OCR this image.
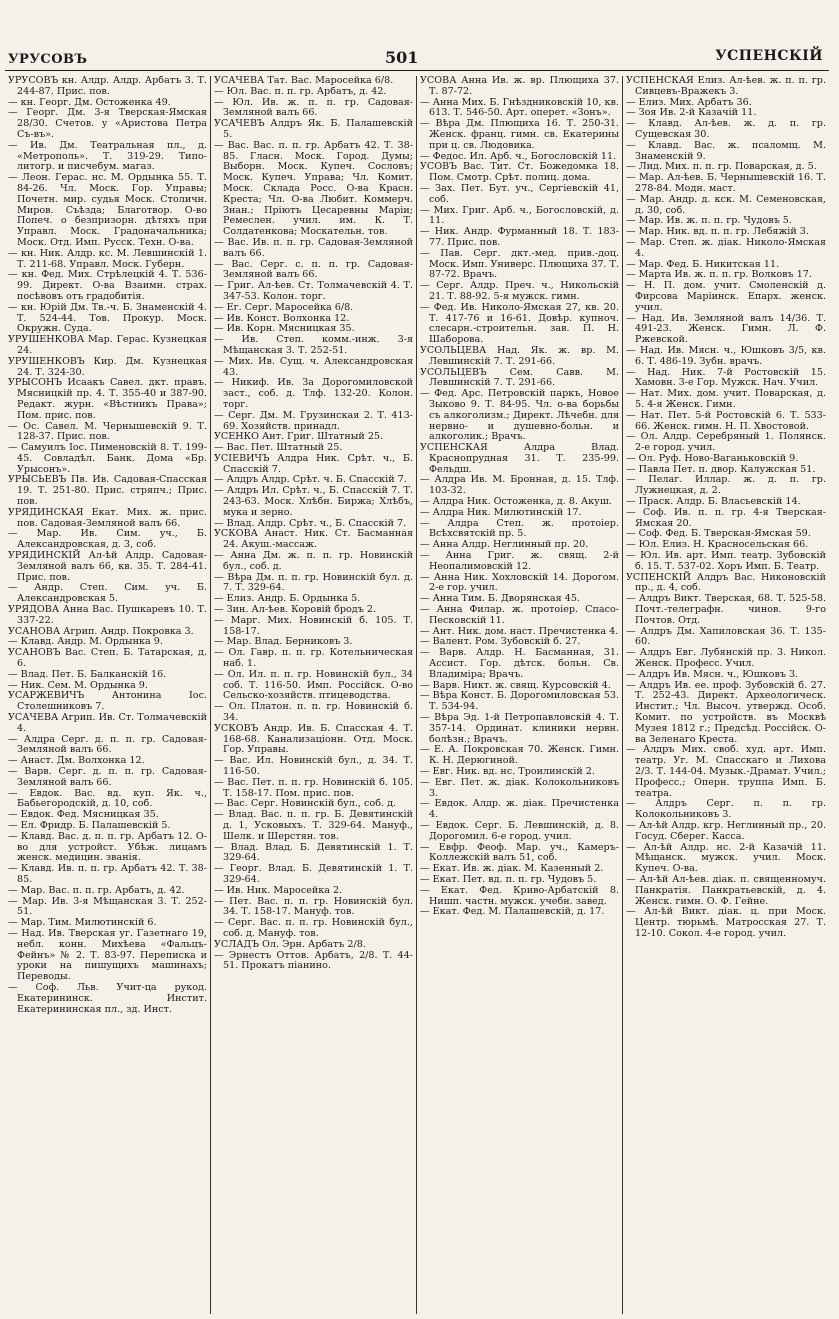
УРУСОВЪ	501	УСПЕНСКІЙ

УРУСОВЪ кн. Алдр. Алдр. Арбатъ 3. Т. 244-87. Прис. пов.

— кн. Георг. Дм. Остоженка 49.

— Георг. Дм. 3-я Тверская-Ямская 28/30. Счетов. у «Аристова Петра Съ-въ».

— Ив. Дм. Театральная пл., д. «Метрополь». Т. 319-29. Типо-литогр. и писчебум. магаз.

— Леон. Герас. нс. М. Ордынка 55. Т. 84-26. Чл. Моск. Гор. Управы; Почетн. мир. судья Моск. Столичн. Миров. Съѣзда; Благотвор. О-во Попеч. о безпризорн. дѣтяхъ при Управл. Моск. Градоначальника; Моск. Отд. Имп. Русск. Техн. О-ва.

— кн. Ник. Алдр. кс. М. Левшинскій 1. Т. 211-68. Управл. Моск. Губерн.

— кн. Фед. Мих. Стрѣлецкій 4. Т. 536-99. Директ. О-ва Взаимн. страх. посѣвовъ отъ градобитія.

— кн. Юрій Дм. Тв.-ч. Б. Знаменскій 4. Т. 524-44. Тов. Прокур. Моск. Окружн. Суда.

УРУШЕНКОВА Мар. Герас. Кузнецкая 24.

УРУШЕНКОВЪ Кир. Дм. Кузнецкая 24. Т. 324-30.

УРЫСОНЪ Исаакъ Савел. дкт. правъ. Мясницкій пр. 4. Т. 355-40 и 387-90. Редакт. журн. «Вѣстникъ Права»; Пом. прис. пов.

— Ос. Савел. М. Чернышевскій 9. Т. 128-37. Прис. пов.

— Самуилъ Іос. Пименовскій 8. Т. 199-45. Совладѣл. Банк. Дома «Бр. Урысонъ».

УРЫСЬЕВЪ Пв. Ив. Садовая-Спасская 19. Т. 251-80. Прис. стряпч.; Прис. пов.

УРЯДИНСКАЯ Екат. Мих. ж. прис. пов. Садовая-Земляной валъ 66.

— Мар. Ив. Сим. уч., Б. Александровская, д. 3, соб.

УРЯДИНСКІЙ Ал-ѣй Алдр. Садовая-Земляной валъ 66, кв. 35. Т. 284-41. Прис. пов.

— Андр. Степ. Сим. уч. Б. Александровская 5.

УРЯДОВА Анна Вас. Пушкаревъ 10. Т. 337-22.

УСАНОВА Агрип. Андр. Покровка 3.

— Клавд. Андр. М. Ордынка 9.

УСАНОВЪ Вас. Степ. Б. Татарская, д. 6.

— Влад. Пет. Б. Балканскій 16.

— Ник. Сем. М. Ордынка 9.

УСАРЖЕВИЧЪ Антонина Іос. Столешниковъ 7.

УСАЧЕВА Агрип. Ив. Ст. Толмачевскій 4.

— Алдра Серг. д. п. п. гр. Садовая-Земляной валъ 66.

— Анаст. Дм. Волхонка 12.

— Варв. Серг. д. п. п. гр. Садовая-Земляной валъ 66.

— Евдок. Вас. вд. куп. Як. ч., Бабьегородскій, д. 10, соб.

— Евдок. Фед. Мясницкая 35.

— Ел. Фридр. Б. Палашевскій 5.

— Клавд. Вас. д. п. п. гр. Арбатъ 12. О-во для устройст. Убѣж. лицамъ женск. медицин. званія.

— Клавд. Ив. п. п. гр. Арбатъ 42. Т. 38-85.

— Мар. Вас. п. п. гр. Арбатъ, д. 42.

— Мар. Ив. 3-я Мѣщанская 3. Т. 252-51.

— Мар. Тим. Милютинскій 6.

— Над. Ив. Тверская уг. Газетнаго 19, небл. конн. Михѣева «Фальцъ-Фейнъ» № 2. Т. 83-97. Переписка и уроки на пишущихъ машинахъ; Переводы.

— Соф. Льв. Учит-ца рукод. Екатерининск. Инстит. Екатерининская пл., зд. Инст.

УСАЧЕВА Тат. Вас. Маросейка 6/8.

— Юл. Вас. п. п. гр. Арбатъ, д. 42.

— Юл. Ив. ж. п. п. гр. Садовая-Земляной валъ 66.

УСАЧЕВЪ Алдръ Як. Б. Палашевскій 5.

— Вас. Вас. п. п. гр. Арбатъ 42. Т. 38-85. Гласн. Моск. Город. Думы; Выборн. Моск. Купеч. Сословъ; Моск. Купеч. Управа; Чл. Комит. Моск. Склада Росс. О-ва Красн. Креста; Чл. О-ва Любит. Коммерч. Знан.; Пріютъ Цесаревны Маріи; Ремеслен. учил. им. К. Т. Солдатенкова; Москательн. тов.

— Вас. Ив. п. п. гр. Садовая-Земляной валъ 66.

— Вас. Серг. с. п. п. гр. Садовая-Земляной валъ 66.

— Григ. Ал-ѣев. Ст. Толмачевскій 4. Т. 347-53. Колон. торг.

— Ег. Серг. Маросейка 6/8.

— Ив. Конст. Волхонка 12.

— Ив. Корн. Мясницкая 35.

— Ив. Степ. комм.-инж. 3-я Мѣщанская 3. Т. 252-51.

— Мих. Ив. Сущ. ч. Александровская 43.

— Никиф. Ив. За Дорогомиловской заст., соб. д. Тлф. 132-20. Колон. торг.

— Серг. Дм. М. Грузинская 2. Т. 413-69. Хозяйств. принадл.

УСЕНКО Ант. Григ. Штатный 25.

— Вас. Пет. Штатный 25.

УСІЕВИЧЪ Алдра Ник. Срѣт. ч., Б. Спасскій 7.

— Алдръ Алдр. Срѣт. ч. Б. Спасскій 7.

— Алдръ Ил. Срѣт. ч., Б. Спасскій 7. Т. 243-63. Моск. Хлѣбн. Биржа; Хлѣбъ, мука и зерно.

— Влад. Алдр. Срѣт. ч., Б. Спасскій 7.

УСКОВА Анаст. Ник. Ст. Басманная 24. Акуш.-массаж.

— Анна Дм. ж. п. п. гр. Новинскій бул., соб. д.

— Вѣра Дм. п. п. гр. Новинскій бул. д. 7. Т. 329-64.

— Елиз. Андр. Б. Ордынка 5.

— Зин. Ал-ѣев. Коровій бродъ 2.

— Марг. Мих. Новинскій б. 105. Т. 158-17.

— Мар. Влад. Берниковъ 3.

— Ол. Гавр. п. п. гр. Котельническая наб. 1.

— Ол. Ил. п. п. гр. Новинскій бул., 34 соб. Т. 116-50. Имп. Россійск. О-во Сельско-хозяйств. птицеводства.

— Ол. Платон. п. п. гр. Новинскій б. 34.

УСКОВЪ Андр. Ив. Б. Спасская 4. Т. 168-68. Канализаціонн. Отд. Моск. Гор. Управы.

— Вас. Ил. Новинскій бул., д. 34. Т. 116-50.

— Вас. Пет. п. п. гр. Новинскій б. 105. Т. 158-17. Пом. прис. пов.

— Вас. Серг. Новинскій бул., соб. д.

— Влад. Вас. п. п. гр. Б. Девятинскій д. 1, Усковыхъ. Т. 329-64. Мануф., Шелк. и Шерстян. тов.

— Влад. Влад. Б. Девятинскій 1. Т. 329-64.

— Георг. Влад. Б. Девятинскій 1. Т. 329-64.

— Ив. Ник. Маросейка 2.

— Пет. Вас. п. п. гр. Новинскій бул. 34. Т. 158-17. Мануф. тов.

— Серг. Вас. п. п. гр. Новинскій бул., соб. д. Мануф. тов.

УСЛАДЪ Ол. Эрн. Арбатъ 2/8.

— Эрнестъ Оттов. Арбатъ, 2/8. Т. 44-51. Прокатъ піанино.

УСОВА Анна Ив. ж. вр. Плющиха 37. Т. 87-72.

— Анна Мих. Б. Гнѣздниковскій 10, кв. 613. Т. 546-50. Арт. оперет. «Зонъ».

— Вѣра Дм. Плющиха 16. Т. 250-31. Женск. франц. гимн. св. Екатерины при ц. св. Людовика.

— Федос. Ил. Арб. ч., Богословскій 11.

УСОВЪ Вас. Тит. Ст. Божедомка 18. Пом. Смотр. Срѣт. полиц. дома.

— Зах. Пет. Бут. уч., Сергіевскій 41, соб.

— Мих. Григ. Арб. ч., Богословскій, д. 11.

— Ник. Андр. Фурманный 18. Т. 183-77. Прис. пов.

— Пав. Серг. дкт.-мед. прив.-доц. Моск. Имп. Универс. Плющиха 37. Т. 87-72. Врачъ.

— Серг. Алдр. Преч. ч., Никольскій 21. Т. 88-92. 5-я мужск. гимн.

— Фед. Ив. Николо-Ямская 27, кв. 20. Т. 417-76 и 16-61. Довѣр. купноч. слесарн.-строительн. зав. П. Н. Шаборова.

УСОЛЬЦЕВА Над. Як. ж. вр. М. Левшинскій 7. Т. 291-66.

УСОЛЬЦЕВЪ Сем. Савв. М. Левшинскій 7. Т. 291-66.

— Фед. Арс. Петровскій паркъ, Новое Зыково 9. Т. 84-95. Чл. о-ва борьбы съ алкоголизм.; Директ. Лѣчебн. для нервно- и душевно-больн. и алкоголик.; Врачъ.

УСПЕНСКАЯ Алдра Влад. Краснопрудная 31. Т. 235-99. Фельдш.

— Алдра Ив. М. Бронная, д. 15. Тлф. 103-32.

— Алдра Ник. Остоженка, д. 8. Акуш.

— Алдра Ник. Милютинскій 17.

— Алдра Степ. ж. протоіер. Всѣхсвятскій пр. 5.

— Анна Алдр. Неглинный пр. 20.

— Анна Григ. ж. свящ. 2-й Неопалимовскій 12.

— Анна Ник. Хохловскій 14. Дорогом. 2-е гор. учил.

— Анна Тим. Б. Дворянская 45.

— Анна Филар. ж. протоіер. Спасо-Песковскій 11.

— Ант. Ник. дом. наст. Пречистенка 4.

— Валент. Ром. Зубовскій б. 27.

— Варв. Алдр. Н. Басманная, 31. Ассист. Гор. дѣтск. больн. Св. Владиміра; Врачъ.

— Варв. Никт. ж. свящ. Курсовскій 4.

— Вѣра Конст. Б. Дорогомиловская 53. Т. 534-94.

— Вѣра Эд. 1-й Петропавловскій 4. Т. 357-14. Ординат. клиники нервн. болѣзн.; Врачъ.

— Е. А. Покровская 70. Женск. Гимн. К. Н. Дерюгиной.

— Евг. Ник. вд. нс. Троилинскій 2.

— Евг. Пет. ж. діак. Колокольниковъ 3.

— Евдок. Алдр. ж. діак. Пречистенка 4.

— Евдок. Серг. Б. Левшинскій, д. 8. Дорогомил. 6-е город. учил.

— Евфр. Феоф. Мар. уч., Камеръ-Коллежскій валъ 51, соб.

— Екат. Ив. ж. діак. М. Казенный 2.

— Екат. Пет. вд. п. п. гр. Чудовъ 5.

— Екат. Фед. Криво-Арбатскій 8. Нишп. частн. мужск. учебн. завед.

— Екат. Фед. М. Палашевскій, д. 17.

УСПЕНСКАЯ Елиз. Ал-ѣев. ж. п. п. гр. Сивцевъ-Вражекъ 3.

— Елиз. Мих. Арбатъ 36.

— Зоя Ив. 2-й Казачій 11.

— Клавд. Ал-ѣев. ж. д. п. гр. Сущевская 30.

— Клавд. Вас. ж. псаломщ. М. Знаменскій 9.

— Лид. Мих. п. п. гр. Поварская, д. 5.

— Мар. Ал-ѣев. Б. Чернышевскій 16. Т. 278-84. Модн. маст.

— Мар. Андр. д. кск. М. Семеновская, д. 30, соб.

— Мар. Ив. ж. п. п. гр. Чудовъ 5.

— Мар. Ник. вд. п. п. гр. Лебяжій 3.

— Мар. Степ. ж. діак. Николо-Ямская 4.

— Мар. Фед. Б. Никитская 11.

— Марта Ив. ж. п. п. гр. Волковъ 17.

— Н. П. дом. учит. Смоленскій д. Фирсова Маріинск. Епарх. женск. учил.

— Над. Ив. Земляной валъ 14/36. Т. 491-23. Женск. Гимн. Л. Ф. Ржевской.

— Над. Ив. Мясн. ч., Юшковъ 3/5, кв. 6. Т. 486-19. Зубн. врачъ.

— Над. Ник. 7-й Ростовскій 15. Хамовн. 3-е Гор. Мужск. Нач. Учил.

— Нат. Мих. дом. учит. Поварская, д. 5. 4-я Женск. Гимн.

— Нат. Пет. 5-й Ростовскій 6. Т. 533-66. Женск. гимн. Н. П. Хвостовой.

— Ол. Алдр. Серебряный 1. Полянск. 2-е город. учил.

— Ол. Руф. Ново-Ваганьковскій 9.

— Павла Пет. п. двор. Калужская 51.

— Пелаг. Иллар. ж. д. п. гр. Лужнецкая, д. 2.

— Праск. Алдр. Б. Власьевскій 14.

— Соф. Ив. п. п. гр. 4-я Тверская-Ямская 20.

— Соф. Фед. Б. Тверская-Ямская 59.

— Юл. Елиз. Н. Красносельская 66.

— Юл. Ив. арт. Имп. театр. Зубовскій б. 15. Т. 537-02. Хоръ Имп. Б. Театр.

УСПЕНСКІЙ Алдръ Вас. Никоновскій пр., д. 4, соб.

— Алдръ Викт. Тверская, 68. Т. 525-58. Почт.-телеграфн. чинов. 9-го Почтов. Отд.

— Алдръ Дм. Хапиловская 36. Т. 135-60.

— Алдръ Евг. Лубянскій пр. 3. Никол. Женск. Професс. Учил.

— Алдръ Ив. Мясн. ч., Юшковъ 3.

— Алдръ Ив. ее. проф. Зубовскій б. 27. Т. 252-43. Директ. Археологическ. Инстит.; Чл. Высоч. утвержд. Особ. Комит. по устройств. въ Москвѣ Музея 1812 г.; Предсѣд. Россійск. О-ва Зеленаго Креста.

— Алдръ Мих. своб. худ. арт. Имп. театр. Уг. М. Спасскаго и Лихова 2/3. Т. 144-04. Музык.-Драмат. Учил.; Професс.; Оперн. труппа Имп. Б. театра.

— Алдръ Серг. п. п. гр. Колокольниковъ 3.

— Ал-ѣй Алдр. кгр. Неглинный пр., 20. Госуд. Сберег. Касса.

— Ал-ѣй Алдр. нс. 2-й Казачій 11. Мѣщанск. мужск. учил. Моск. Купеч. О-ва.

— Ал-ѣй Ал-ѣев. діак. п. священномуч. Панкратія. Панкратьевскій, д. 4. Женск. гимн. О. Ф. Гейне.

— Ал-ѣй Викт. діак. ц. при Моск. Центр. тюрьмѣ. Матросская 27. Т. 12-10. Сокол. 4-е город. учил.
